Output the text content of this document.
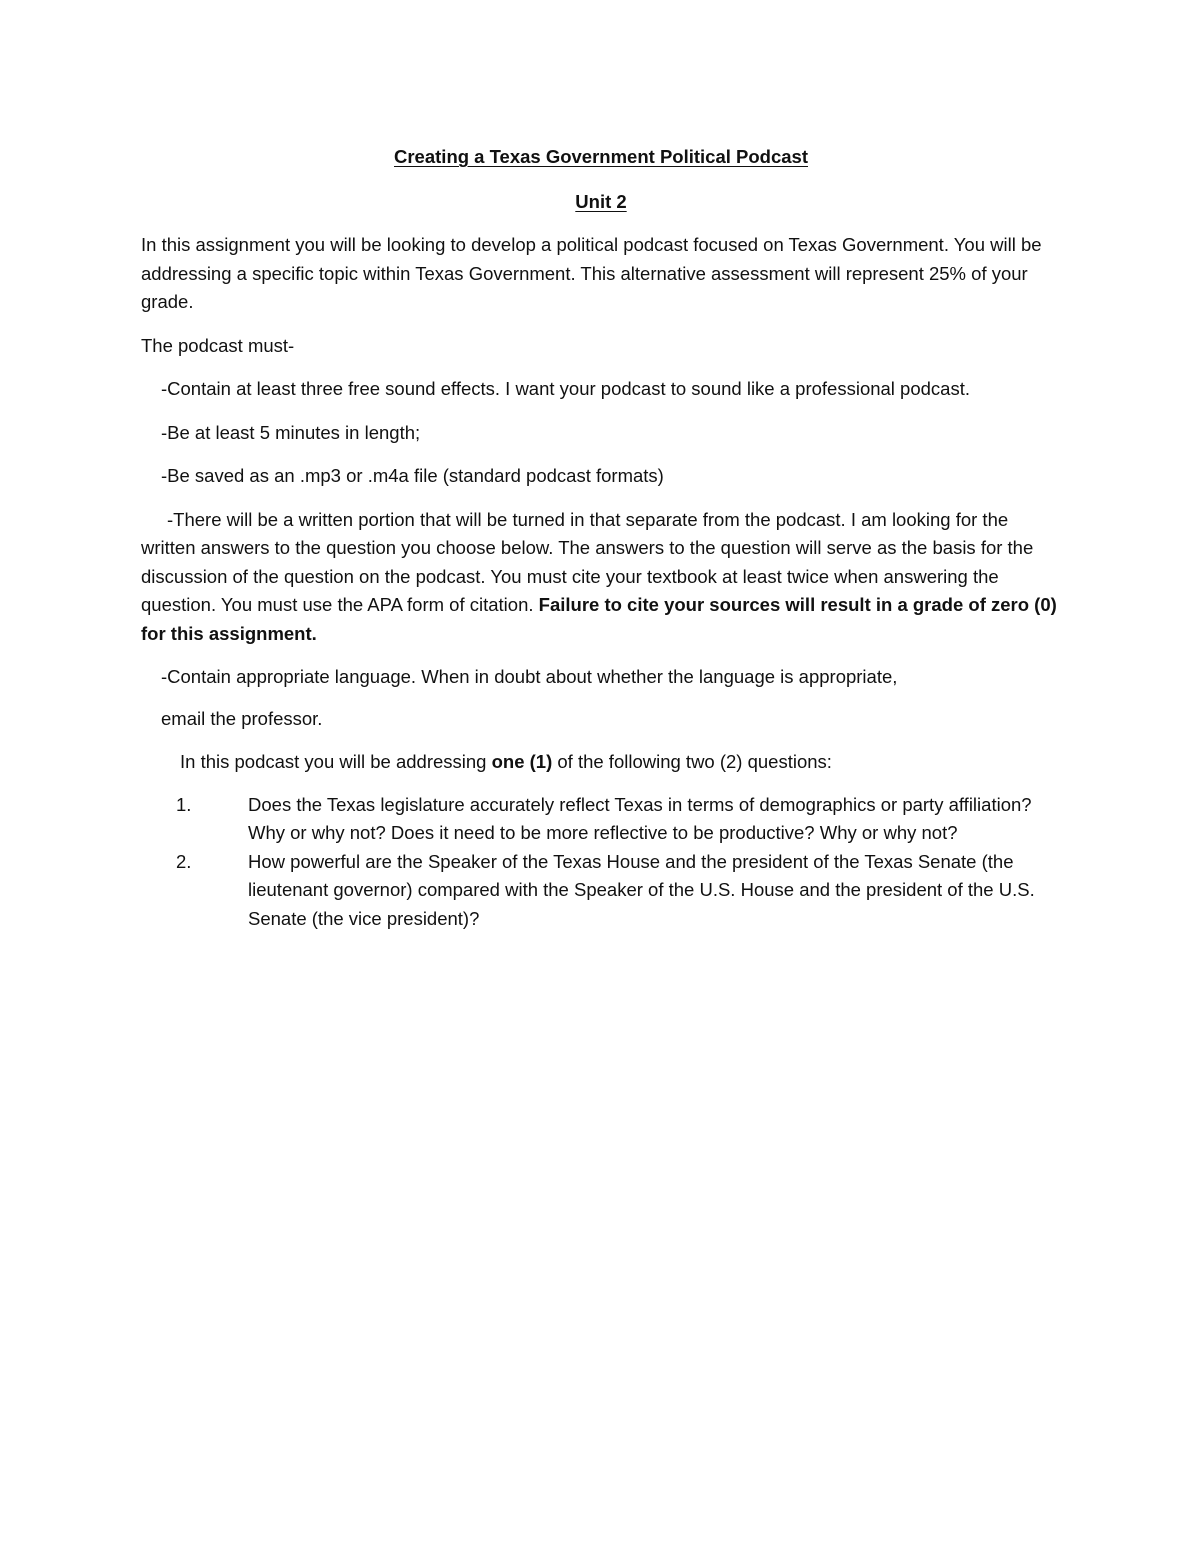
Creating a Texas Government Political Podcast

Unit 2

In this assignment you will be looking to develop a political podcast focused on Texas Government. You will be addressing a specific topic within Texas Government. This alternative assessment will represent 25% of your grade.

The podcast must-

-Contain at least three free sound effects. I want your podcast to sound like a professional podcast.

-Be at least 5 minutes in length;

-Be saved as an .mp3 or .m4a file (standard podcast formats)

-There will be a written portion that will be turned in that separate from the podcast. I am looking for the written answers to the question you choose below. The answers to the question will serve as the basis for the discussion of the question on the podcast. You must cite your textbook at least twice when answering the question. You must use the APA form of citation. Failure to cite your sources will result in a grade of zero (0) for this assignment.

-Contain appropriate language. When in doubt about whether the language is appropriate,

email the professor.

In this podcast you will be addressing one (1) of the following two (2) questions:

1.	Does the Texas legislature accurately reflect Texas in terms of demographics or party affiliation? Why or why not? Does it need to be more reflective to be productive? Why or why not?
2.	How powerful are the Speaker of the Texas House and the president of the Texas Senate (the lieutenant governor) compared with the Speaker of the U.S. House and the president of the U.S. Senate (the vice president)?
